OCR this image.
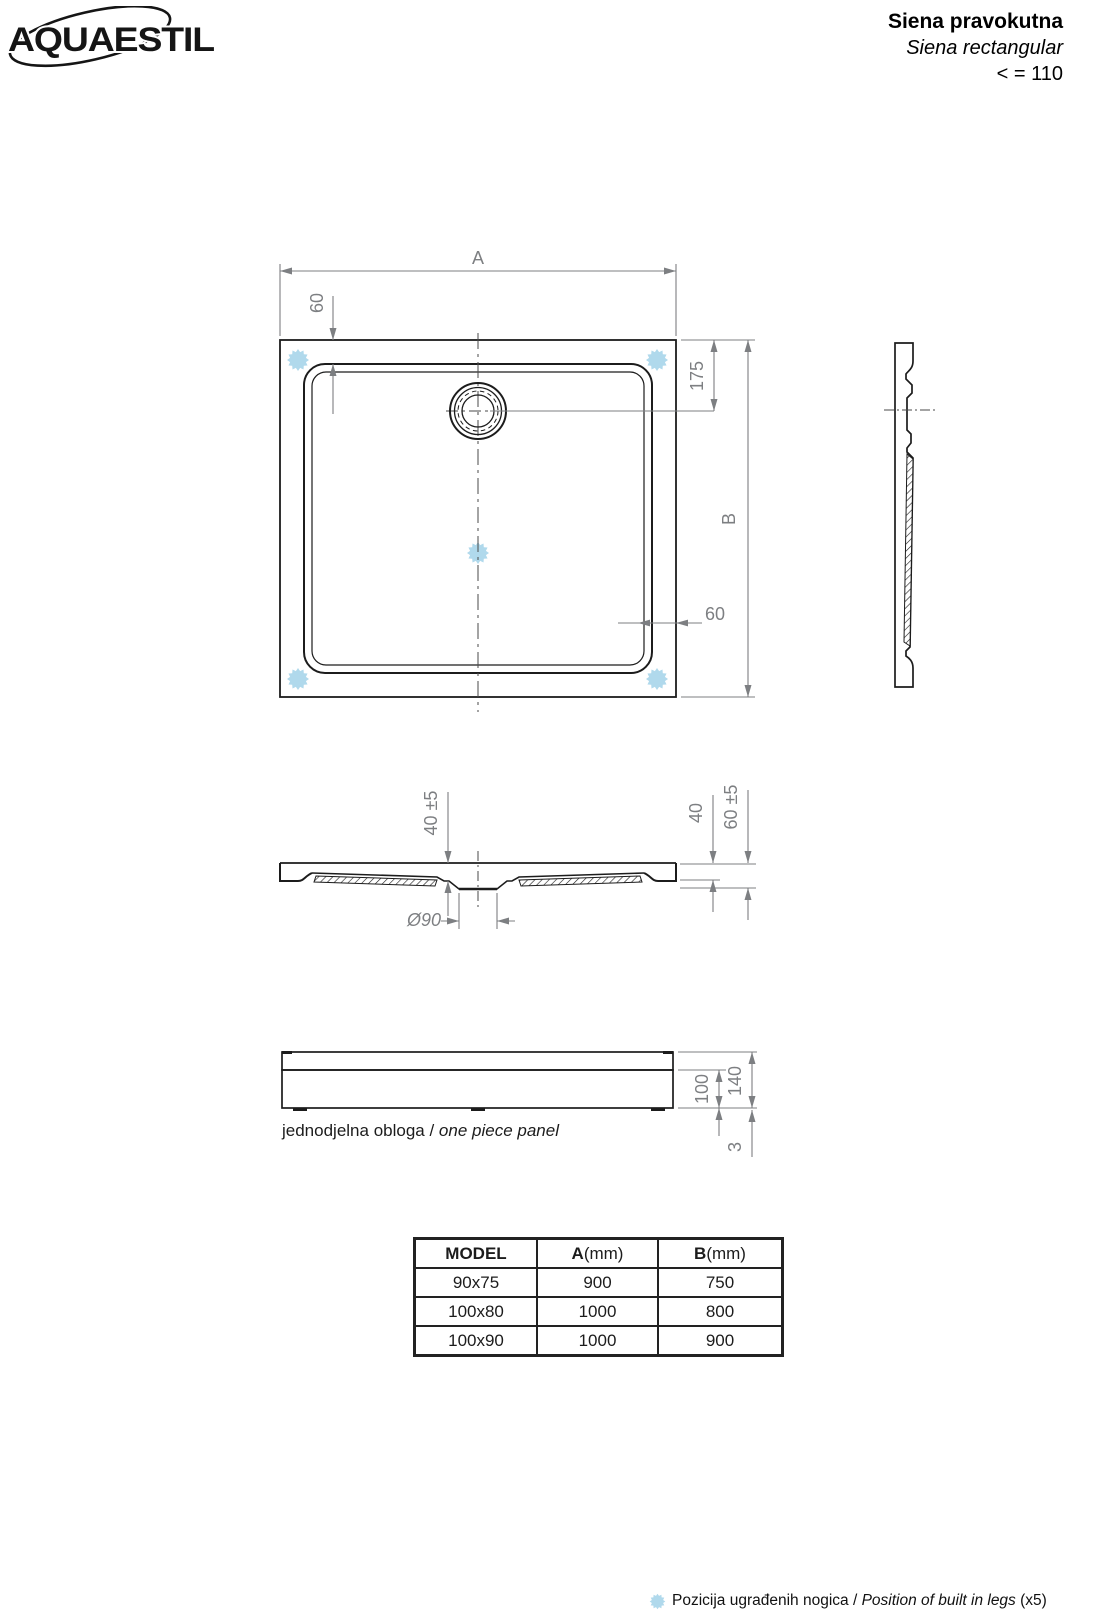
AQUAESTIL	Siena pravokutna
Siena rectangular
< = 110
A
60
175
B
60
40 ±5
Ø90
40 60 ±5
100 140
3
jednodjelna obloga / one piece panel
MODEL	A(mm)	B(mm)
90x75	900	750
100x80	1000	800
100x90	1000	900
Pozicija ugrađenih nogica / Position of built in legs (x5)
